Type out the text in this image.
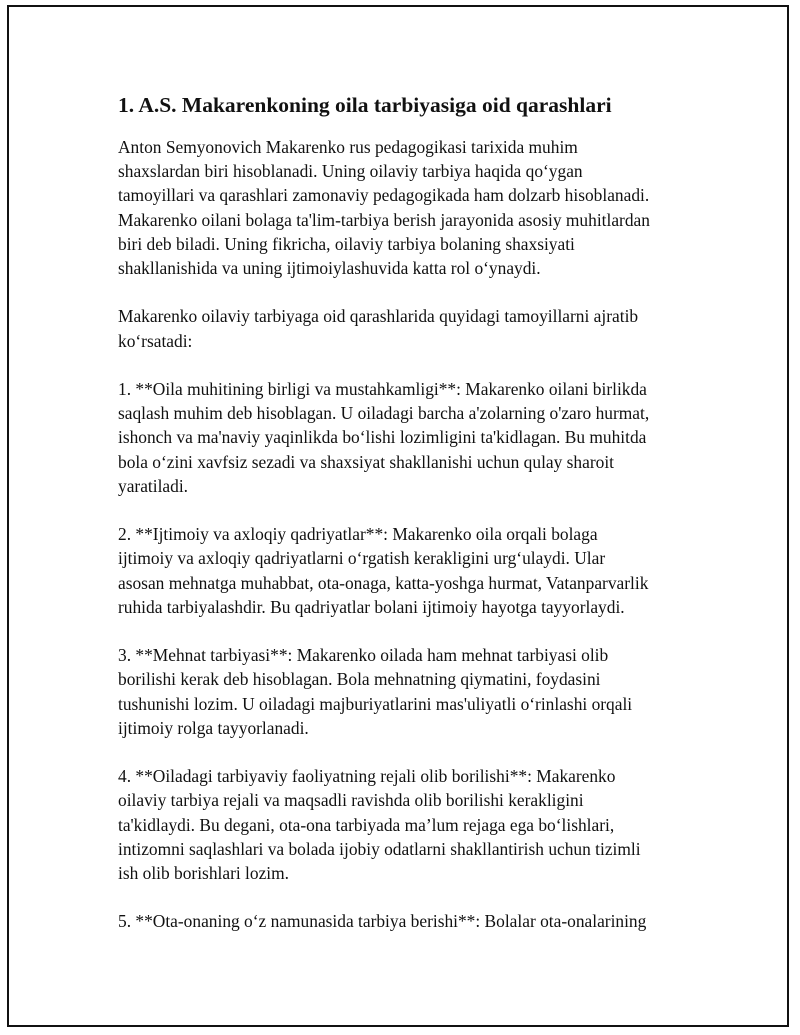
1. A.S. Makarenkoning oila tarbiyasiga oid qarashlari

Anton Semyonovich Makarenko rus pedagogikasi tarixida muhim
shaxslardan biri hisoblanadi. Uning oilaviy tarbiya haqida qo‘ygan
tamoyillari va qarashlari zamonaviy pedagogikada ham dolzarb hisoblanadi.
Makarenko oilani bolaga ta'lim-tarbiya berish jarayonida asosiy muhitlardan
biri deb biladi. Uning fikricha, oilaviy tarbiya bolaning shaxsiyati
shakllanishida va uning ijtimoiylashuvida katta rol o‘ynaydi.

Makarenko oilaviy tarbiyaga oid qarashlarida quyidagi tamoyillarni ajratib
ko‘rsatadi:

1. **Oila muhitining birligi va mustahkamligi**: Makarenko oilani birlikda
saqlash muhim deb hisoblagan. U oiladagi barcha a'zolarning o'zaro hurmat,
ishonch va ma'naviy yaqinlikda bo‘lishi lozimligini ta'kidlagan. Bu muhitda
bola o‘zini xavfsiz sezadi va shaxsiyat shakllanishi uchun qulay sharoit
yaratiladi.

2. **Ijtimoiy va axloqiy qadriyatlar**: Makarenko oila orqali bolaga
ijtimoiy va axloqiy qadriyatlarni o‘rgatish kerakligini urg‘ulaydi. Ular
asosan mehnatga muhabbat, ota-onaga, katta-yoshga hurmat, Vatanparvarlik
ruhida tarbiyalashdir. Bu qadriyatlar bolani ijtimoiy hayotga tayyorlaydi.

3. **Mehnat tarbiyasi**: Makarenko oilada ham mehnat tarbiyasi olib
borilishi kerak deb hisoblagan. Bola mehnatning qiymatini, foydasini
tushunishi lozim. U oiladagi majburiyatlarini mas'uliyatli o‘rinlashi orqali
ijtimoiy rolga tayyorlanadi.

4. **Oiladagi tarbiyaviy faoliyatning rejali olib borilishi**: Makarenko
oilaviy tarbiya rejali va maqsadli ravishda olib borilishi kerakligini
ta'kidlaydi. Bu degani, ota-ona tarbiyada ma’lum rejaga ega bo‘lishlari,
intizomni saqlashlari va bolada ijobiy odatlarni shakllantirish uchun tizimli
ish olib borishlari lozim.

5. **Ota-onaning o‘z namunasida tarbiya berishi**: Bolalar ota-onalarining
